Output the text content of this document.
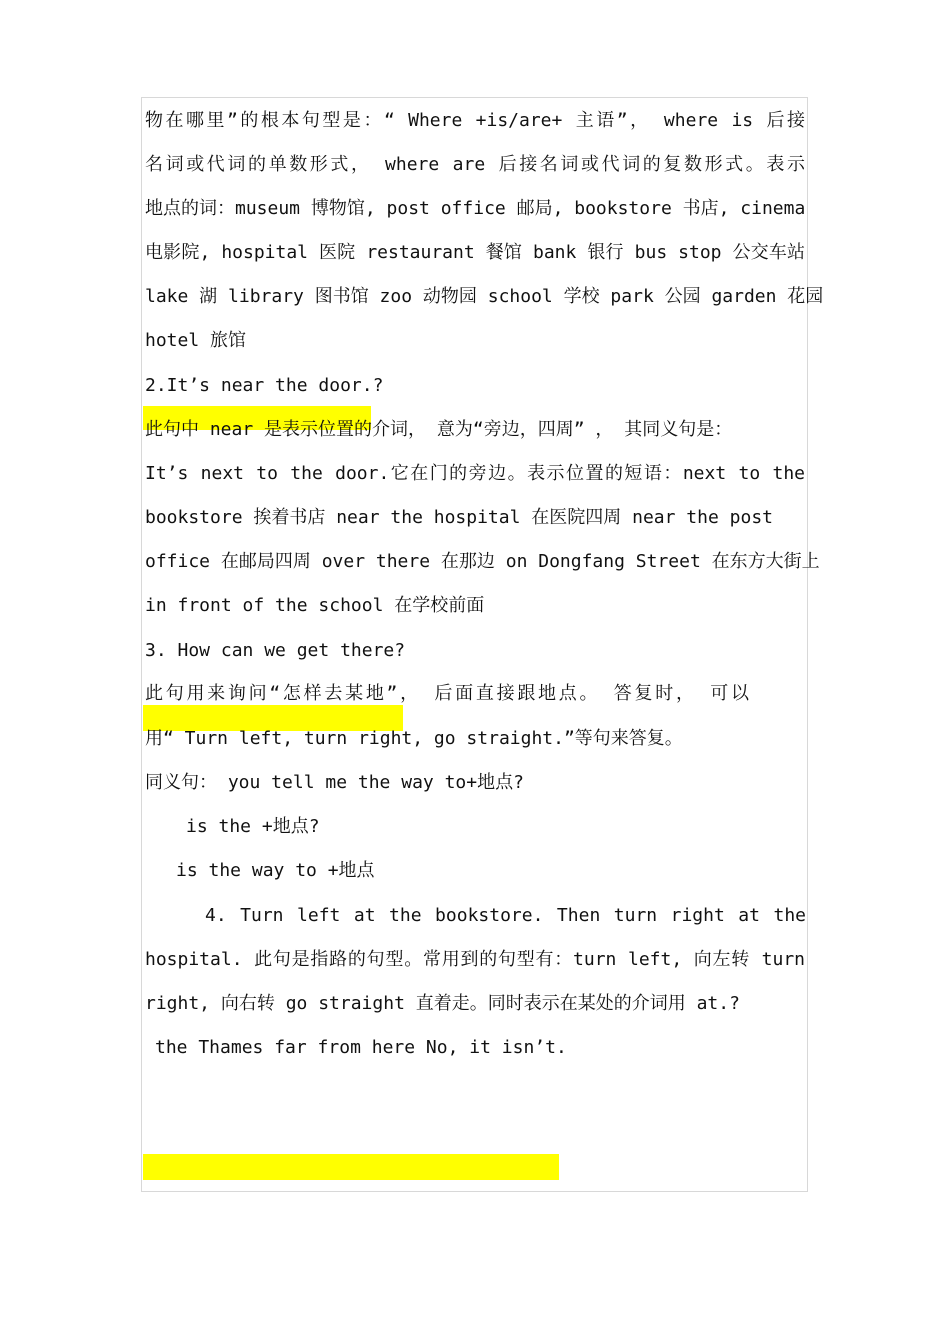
物在哪里”的根本句型是：“ Where +is/are+ 主语”， where is 后接
名词或代词的单数形式， where are 后接名词或代词的复数形式。表示
地点的词：museum 博物馆, post office 邮局, bookstore 书店, cinema
电影院, hospital 医院 restaurant 餐馆 bank 银行 bus stop 公交车站
lake 湖 library 图书馆 zoo 动物园 school 学校 park 公园 garden 花园
hotel 旅馆
2.It’s near the door.?
此句中 near 是表示位置的介词， 意为“旁边，四周” ， 其同义句是：
It’s next to the door.它在门的旁边。表示位置的短语：next to the
bookstore 挨着书店 near the hospital 在医院四周 near the post
office 在邮局四周 over there 在那边 on Dongfang Street 在东方大街上
in front of the school 在学校前面
3. How can we get there?
此句用来询问“怎样去某地”， 后面直接跟地点。 答复时， 可以
用“ Turn left, turn right, go straight.”等句来答复。
同义句： you tell me the way to+地点?
is the +地点?
is the way to +地点
4. Turn left at the bookstore. Then turn right at the
hospital. 此句是指路的句型。常用到的句型有：turn left, 向左转 turn
right, 向右转 go straight 直着走。同时表示在某处的介词用 at.?
the Thames far from here No, it isn’t.
